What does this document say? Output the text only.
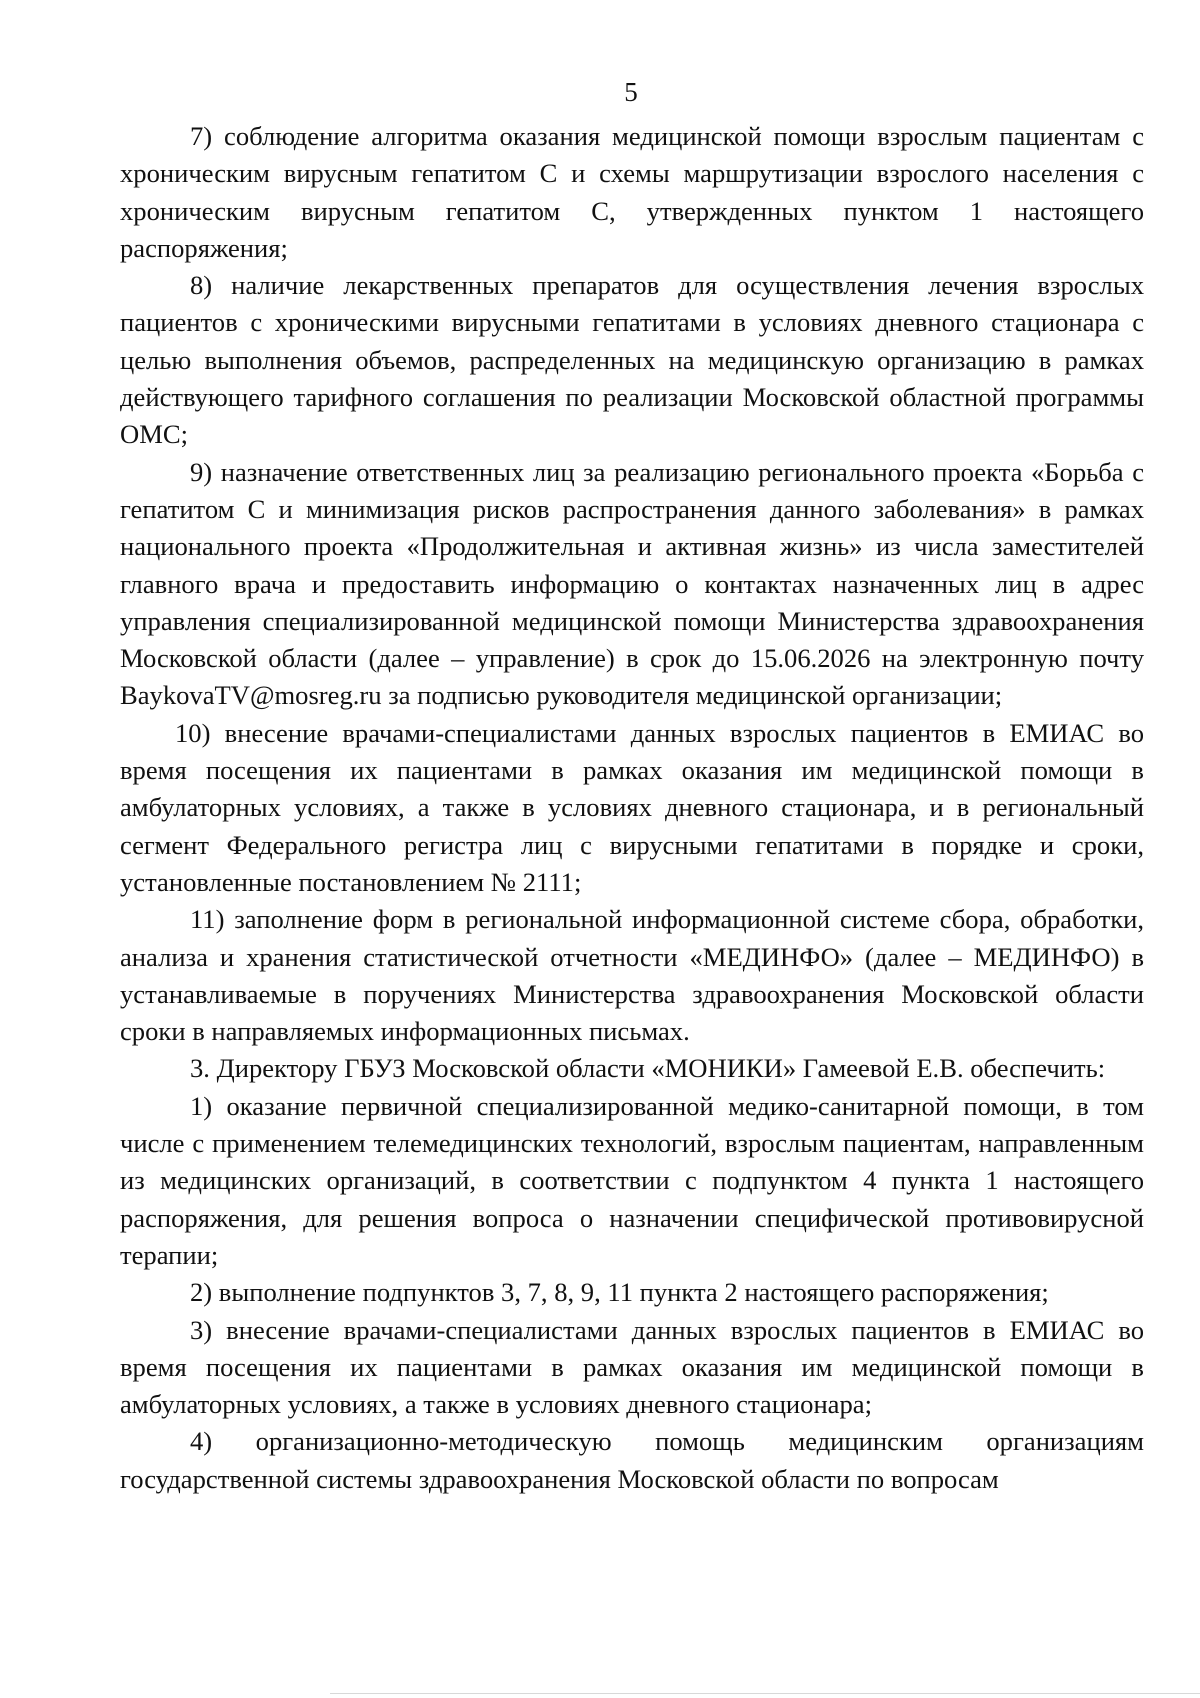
5

7) соблюдение алгоритма оказания медицинской помощи взрослым пациентам с хроническим вирусным гепатитом С и схемы маршрутизации взрослого населения с хроническим вирусным гепатитом С, утвержденных пунктом 1 настоящего распоряжения;

8) наличие лекарственных препаратов для осуществления лечения взрослых пациентов с хроническими вирусными гепатитами в условиях дневного стационара с целью выполнения объемов, распределенных на медицинскую организацию в рамках действующего тарифного соглашения по реализации Московской областной программы ОМС;

9) назначение ответственных лиц за реализацию регионального проекта «Борьба с гепатитом С и минимизация рисков распространения данного заболевания» в рамках национального проекта «Продолжительная и активная жизнь» из числа заместителей главного врача и предоставить информацию о контактах назначенных лиц в адрес управления специализированной медицинской помощи Министерства здравоохранения Московской области (далее – управление) в срок до 15.06.2026 на электронную почту BaykovaTV@mosreg.ru за подписью руководителя медицинской организации;

10) внесение врачами-специалистами данных взрослых пациентов в ЕМИАС во время посещения их пациентами в рамках оказания им медицинской помощи в амбулаторных условиях, а также в условиях дневного стационара, и в региональный сегмент Федерального регистра лиц с вирусными гепатитами в порядке и сроки, установленные постановлением № 2111;

11) заполнение форм в региональной информационной системе сбора, обработки, анализа и хранения статистической отчетности «МЕДИНФО» (далее – МЕДИНФО) в устанавливаемые в поручениях Министерства здравоохранения Московской области сроки в направляемых информационных письмах.

3. Директору ГБУЗ Московской области «МОНИКИ» Гамеевой Е.В. обеспечить:

1) оказание первичной специализированной медико-санитарной помощи, в том числе с применением телемедицинских технологий, взрослым пациентам, направленным из медицинских организаций, в соответствии с подпунктом 4 пункта 1 настоящего распоряжения, для решения вопроса о назначении специфической противовирусной терапии;

2) выполнение подпунктов 3, 7, 8, 9, 11 пункта 2 настоящего распоряжения;

3) внесение врачами-специалистами данных взрослых пациентов в ЕМИАС во время посещения их пациентами в рамках оказания им медицинской помощи в амбулаторных условиях, а также в условиях дневного стационара;

4) организационно-методическую помощь медицинским организациям государственной системы здравоохранения Московской области по вопросам
